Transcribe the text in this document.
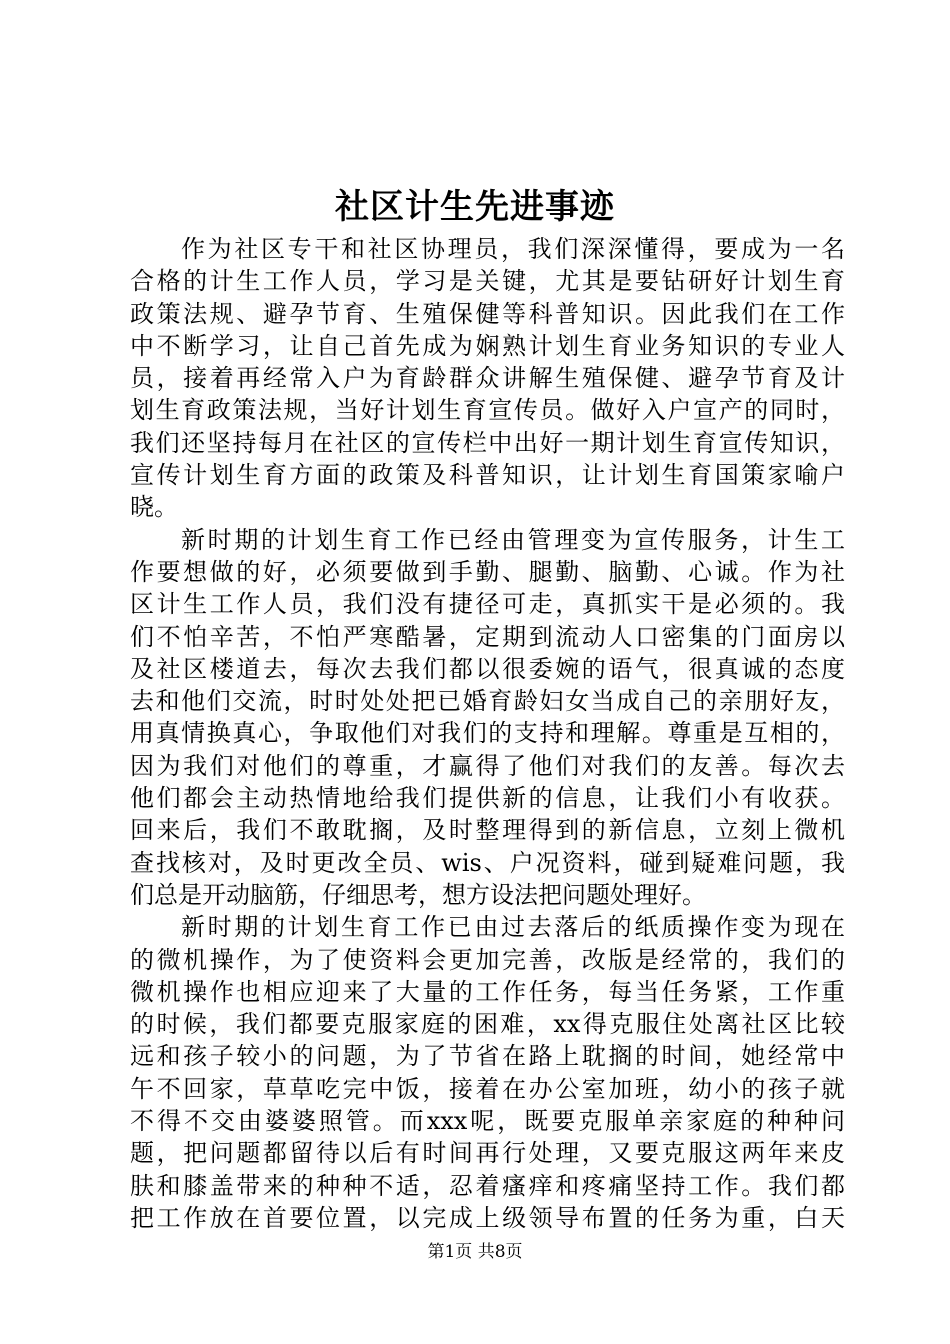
社区计生先进事迹
作为社区专干和社区协理员，我们深深懂得，要成为一名
合格的计生工作人员，学习是关键，尤其是要钻研好计划生育
政策法规、避孕节育、生殖保健等科普知识。因此我们在工作
中不断学习，让自己首先成为娴熟计划生育业务知识的专业人
员，接着再经常入户为育龄群众讲解生殖保健、避孕节育及计
划生育政策法规，当好计划生育宣传员。做好入户宣产的同时，
我们还坚持每月在社区的宣传栏中出好一期计划生育宣传知识，
宣传计划生育方面的政策及科普知识，让计划生育国策家喻户
晓。
新时期的计划生育工作已经由管理变为宣传服务，计生工
作要想做的好，必须要做到手勤、腿勤、脑勤、心诚。作为社
区计生工作人员，我们没有捷径可走，真抓实干是必须的。我
们不怕辛苦，不怕严寒酷暑，定期到流动人口密集的门面房以
及社区楼道去，每次去我们都以很委婉的语气，很真诚的态度
去和他们交流，时时处处把已婚育龄妇女当成自己的亲朋好友，
用真情换真心，争取他们对我们的支持和理解。尊重是互相的，
因为我们对他们的尊重，才赢得了他们对我们的友善。每次去
他们都会主动热情地给我们提供新的信息，让我们小有收获。
回来后，我们不敢耽搁，及时整理得到的新信息，立刻上微机
查找核对，及时更改全员、wis、户况资料，碰到疑难问题，我
们总是开动脑筋，仔细思考，想方设法把问题处理好。
新时期的计划生育工作已由过去落后的纸质操作变为现在
的微机操作，为了使资料会更加完善，改版是经常的，我们的
微机操作也相应迎来了大量的工作任务，每当任务紧，工作重
的时候，我们都要克服家庭的困难，xx得克服住处离社区比较
远和孩子较小的问题，为了节省在路上耽搁的时间，她经常中
午不回家，草草吃完中饭，接着在办公室加班，幼小的孩子就
不得不交由婆婆照管。而xxx呢，既要克服单亲家庭的种种问
题，把问题都留待以后有时间再行处理，又要克服这两年来皮
肤和膝盖带来的种种不适，忍着瘙痒和疼痛坚持工作。我们都
把工作放在首要位置，以完成上级领导布置的任务为重，白天
第1页 共8页
